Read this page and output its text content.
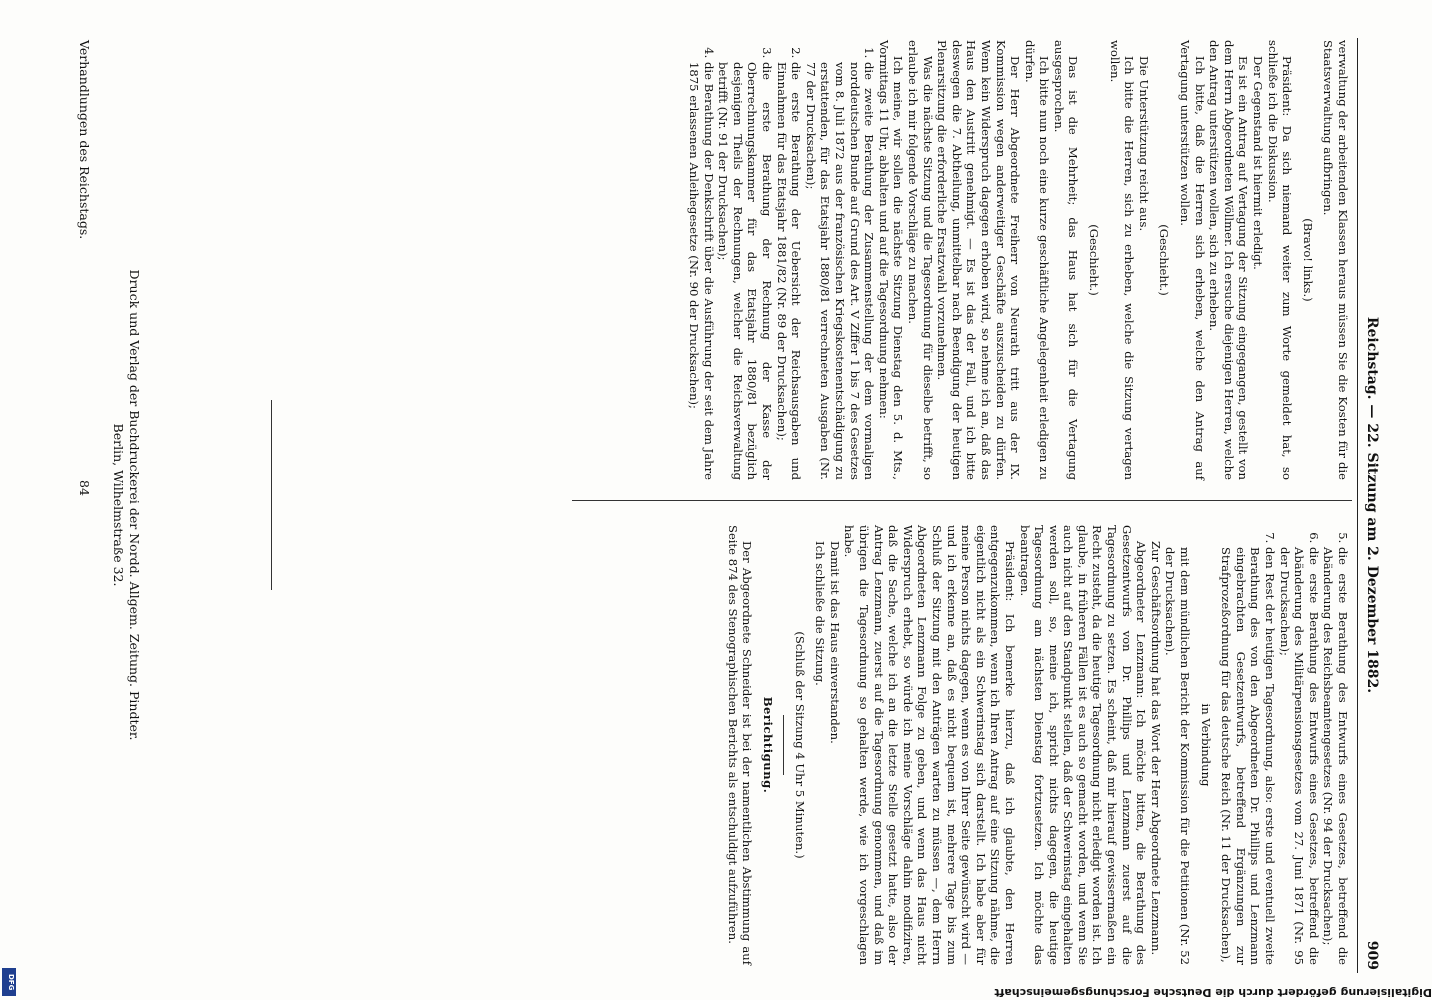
Reichstag. — 22. Sitzung am 2. Dezember 1882.
909

verwaltung der arbeitenden Klassen heraus müssen Sie die Kosten für die Staatsverwaltung aufbringen.

(Bravo! links.)

Präsident: Da sich niemand weiter zum Worte gemeldet hat, so schließe ich die Diskussion.

Der Gegenstand ist hiermit erledigt.

Es ist ein Antrag auf Vertagung der Sitzung eingegangen, gestellt von dem Herrn Abgeordneten Wöllmer. Ich ersuche diejenigen Herren, welche den Antrag unterstützen wollen, sich zu erheben.

Ich bitte, daß die Herren sich erheben, welche den Antrag auf Vertagung unterstützen wollen.

(Geschieht.)

Die Unterstützung reicht aus.

Ich bitte die Herren, sich zu erheben, welche die Sitzung vertagen wollen.

(Geschieht.)

Das ist die Mehrheit; das Haus hat sich für die Vertagung ausgesprochen.

Ich bitte nun noch eine kurze geschäftliche Angelegenheit erledigen zu dürfen.

Der Herr Abgeordnete Freiherr von Neurath tritt aus der IX. Kommission wegen anderweitiger Geschäfte auszuscheiden zu dürfen. Wenn kein Widerspruch dagegen erhoben wird, so nehme ich an, daß das Haus den Austritt genehmigt. — Es ist das der Fall, und ich bitte deswegen die 7. Abtheilung, unmittelbar nach Beendigung der heutigen Plenarsitzung die erforderliche Ersatzwahl vorzunehmen.

Was die nächste Sitzung und die Tagesordnung für dieselbe betrifft, so erlaube ich mir folgende Vorschläge zu machen.

Ich meine, wir sollen die nächste Sitzung Dienstag den 5. d. Mts., Vormittags 11 Uhr, abhalten und auf die Tagesordnung nehmen:

1. die zweite Berathung der Zusammenstellung der dem vormaligen norddeutschen Bunde auf Grund des Art. V Ziffer 1 bis 7 des Gesetzes vom 8. Juli 1872 aus der französischen Kriegskostenentschädigung zu erstattenden, für das Etatsjahr 1880/81 verrechneten Ausgaben (Nr. 77 der Drucksachen);
2. die erste Berathung der Uebersicht der Reichsausgaben und Einnahmen für das Etatsjahr 1881/82 (Nr. 89 der Drucksachen);
3. die erste Berathung der Rechnung der Kasse der Oberrechnungskammer für das Etatsjahr 1880/81 bezüglich desjenigen Theils der Rechnungen, welcher die Reichsverwaltung betrifft (Nr. 91 der Drucksachen);
4. die Berathung der Denkschrift über die Ausführung der seit dem Jahre 1875 erlassenen Anleihegesetze (Nr. 90 der Drucksachen);
5. die erste Berathung des Entwurfs eines Gesetzes, betreffend die Abänderung des Reichsbeamtengesetzes (Nr. 94 der Drucksachen);
6. die erste Berathung des Entwurfs eines Gesetzes, betreffend die Abänderung des Militärpensionsgesetzes vom 27. Juni 1871 (Nr. 95 der Drucksachen);
7. den Rest der heutigen Tagesordnung, also: erste und eventuell zweite Berathung des von den Abgeordneten Dr. Phillips und Lenzmann eingebrachten Gesetzentwurfs, betreffend Ergänzungen zur Strafprozeßordnung für das deutsche Reich (Nr. 11 der Drucksachen),

in Verbindung

mit dem mündlichen Bericht der Kommission für die Petitionen (Nr. 52 der Drucksachen).

Zur Geschäftsordnung hat das Wort der Herr Abgeordnete Lenzmann.

Abgeordneter Lenzmann: Ich möchte bitten, die Berathung des Gesetzentwurfs von Dr. Phillips und Lenzmann zuerst auf die Tagesordnung zu setzen. Es scheint, daß mir hierauf gewissermaßen ein Recht zusteht, da die heutige Tagesordnung nicht erledigt worden ist. Ich glaube, in früheren Fällen ist es auch so gemacht worden, und wenn Sie auch nicht auf den Standpunkt stellen, daß der Schwerinstag eingehalten werden soll, so, meine ich, spricht nichts dagegen, die heutige Tagesordnung am nächsten Dienstag fortzusetzen. Ich möchte das beantragen.

Präsident: Ich bemerke hierzu, daß ich glaubte, den Herren entgegenzukommen, wenn ich Ihren Antrag auf eine Sitzung nähme, die eigentlich nicht als ein Schwerinstag sich darstellt. Ich habe aber für meine Person nichts dagegen, wenn es von Ihrer Seite gewünscht wird — und ich erkenne an, daß es nicht bequem ist, mehrere Tage bis zum Schluß der Sitzung mit den Anträgen warten zu müssen —, dem Herrn Abgeordneten Lenzmann Folge zu geben, und wenn das Haus nicht Widerspruch erhebt, so würde ich meine Vorschläge dahin modifiziren, daß die Sache, welche ich an die letzte Stelle gesetzt hatte, also der Antrag Lenzmann, zuerst auf die Tagesordnung genommen, und daß im übrigen die Tagesordnung so gehalten werde, wie ich vorgeschlagen habe.

Damit ist das Haus einverstanden.

Ich schließe die Sitzung.

(Schluß der Sitzung 4 Uhr 5 Minuten.)

Berichtigung.

Der Abgeordnete Schneider ist bei der namentlichen Abstimmung auf Seite 874 des Stenographischen Berichts als entschuldigt aufzuführen.

Druck und Verlag der Buchdruckerei der Nordd. Allgem. Zeitung. Pindter.
Berlin, Wilhelmstraße 32.
Verhandlungen des Reichstags.
84
Digitalisierung gefördert durch die Deutsche Forschungsgemeinschaft
DFG
